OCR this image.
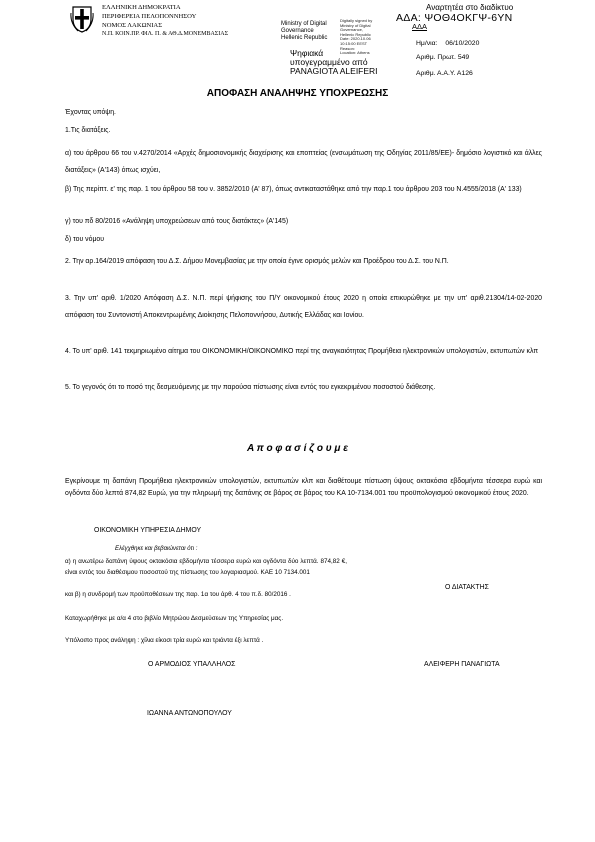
ΕΛΛΗΝΙΚΗ ΔΗΜΟΚΡΑΤΙΑ
ΠΕΡΙΦΕΡΕΙΑ ΠΕΛΟΠΟΝΝΗΣΟΥ
ΝΟΜΟΣ ΛΑΚΩΝΙΑΣ
Ν.Π. ΚΟΙΝ.ΠΡ. ΦΙΛ. Π. & ΑΘ.Δ.ΜΟΝΕΜΒΑΣΙΑΣ
Ministry of Digital
Governance
Hellenic Republic
Digitally signed by
Ministry of Digital
Governance,
Hellenic Republic
Date: 2020.10.06
10:15:00 EEST
Reason:
Location: Athens
Αναρτητέα στο διαδίκτυο
ΑΔΑ: ΨΟΘ4ΟΚΓΨ-6ΥΝ
ΑΔΑ
Ψηφιακά
υπογεγραμμένο από
PANAGIOTA ALEIFERI
Ημ/νια: 06/10/2020
Αριθμ. Πρωτ. 549
Αριθμ. Α.Α.Υ. Α126
ΑΠΟΦΑΣΗ ΑΝΑΛΗΨΗΣ ΥΠΟΧΡΕΩΣΗΣ
Έχοντας υπόψη.
1.Τις διατάξεις.
α) του άρθρου 66 του ν.4270/2014 «Αρχές δημοσιονομικής διαχείρισης και εποπτείας (ενσωμάτωση της Οδηγίας 2011/85/ΕΕ)- δημόσιο λογιστικό και άλλες διατάξεις» (Α'143) όπως ισχύει,
β) Της περίπτ. ε' της παρ. 1 του άρθρου 58 του ν. 3852/2010 (Α' 87), όπως αντικαταστάθηκε από την παρ.1 του άρθρου 203 του Ν.4555/2018 (Α' 133)
γ) του πδ 80/2016 «Ανάληψη υποχρεώσεων από τους διατάκτες» (Α'145)
δ) του νόμου
2. Την αρ.164/2019 απόφαση του Δ.Σ. Δήμου Μονεμβασίας με την οποία έγινε ορισμός μελών και Προέδρου του Δ.Σ. του Ν.Π.
3. Την υπ' αριθ. 1/2020 Απόφαση Δ.Σ. Ν.Π. περί ψήφισης του Π/Υ οικονομικού έτους 2020 η οποία επικυρώθηκε με την υπ' αριθ.21304/14-02-2020 απόφαση του Συντονιστή Αποκεντρωμένης Διοίκησης Πελοποννήσου, Δυτικής Ελλάδας και Ιονίου.
4. Το υπ' αριθ. 141 τεκμηριωμένο αίτημα του ΟΙΚΟΝΟΜΙΚΗ/ΟΙΚΟΝΟΜΙΚΟ περί της αναγκαιότητας Προμήθεια ηλεκτρονικών υπολογιστών, εκτυπωτών κλπ
5. Το γεγονός ότι το ποσό της δεσμευόμενης με την παρούσα πίστωσης είναι εντός του εγκεκριμένου ποσοστού διάθεσης.
Α π ο φ α σ ί ζ ο υ μ ε
Εγκρίνουμε τη δαπάνη Προμήθεια ηλεκτρονικών υπολογιστών, εκτυπωτών κλπ και διαθέτουμε πίστωση ύψους οκτακόσια εβδομήντα τέσσερα ευρώ και ογδόντα δύο λεπτά 874,82 Ευρώ, για την πληρωμή της δαπάνης σε βάρος σε βάρος του ΚΑ 10-7134.001 του προϋπολογισμού οικονομικού έτους 2020.
ΟΙΚΟΝΟΜΙΚΗ ΥΠΗΡΕΣΙΑ ΔΗΜΟΥ
Ελέγχθηκε και βεβαιώνεται ότι :
α) η ανωτέρω δαπάνη ύψους οκτακόσια εβδομήντα τέσσερα ευρώ και ογδόντα δύο λεπτά. 874,82 €, είναι εντός του διαθέσιμου ποσοστού της πίστωσης του λογαριασμού. ΚΑΕ 10 7134.001
και β) η συνδρομή των προϋποθέσεων της παρ. 1α του άρθ. 4 του π.δ. 80/2016 .
Καταχωρήθηκε με α/α 4 στο βιβλίο Μητρώου Δεσμεύσεων της Υπηρεσίας μας.
Υπόλοιπο προς ανάληψη : χίλια είκοσι τρία ευρώ και τριάντα έξι λεπτά .
Ο ΔΙΑΤΑΚΤΗΣ
Ο ΑΡΜΟΔΙΟΣ ΥΠΑΛΛΗΛΟΣ	ΑΛΕΙΦΕΡΗ ΠΑΝΑΓΙΩΤΑ
ΙΩΑΝΝΑ ΑΝΤΩΝΟΠΟΥΛΟΥ
